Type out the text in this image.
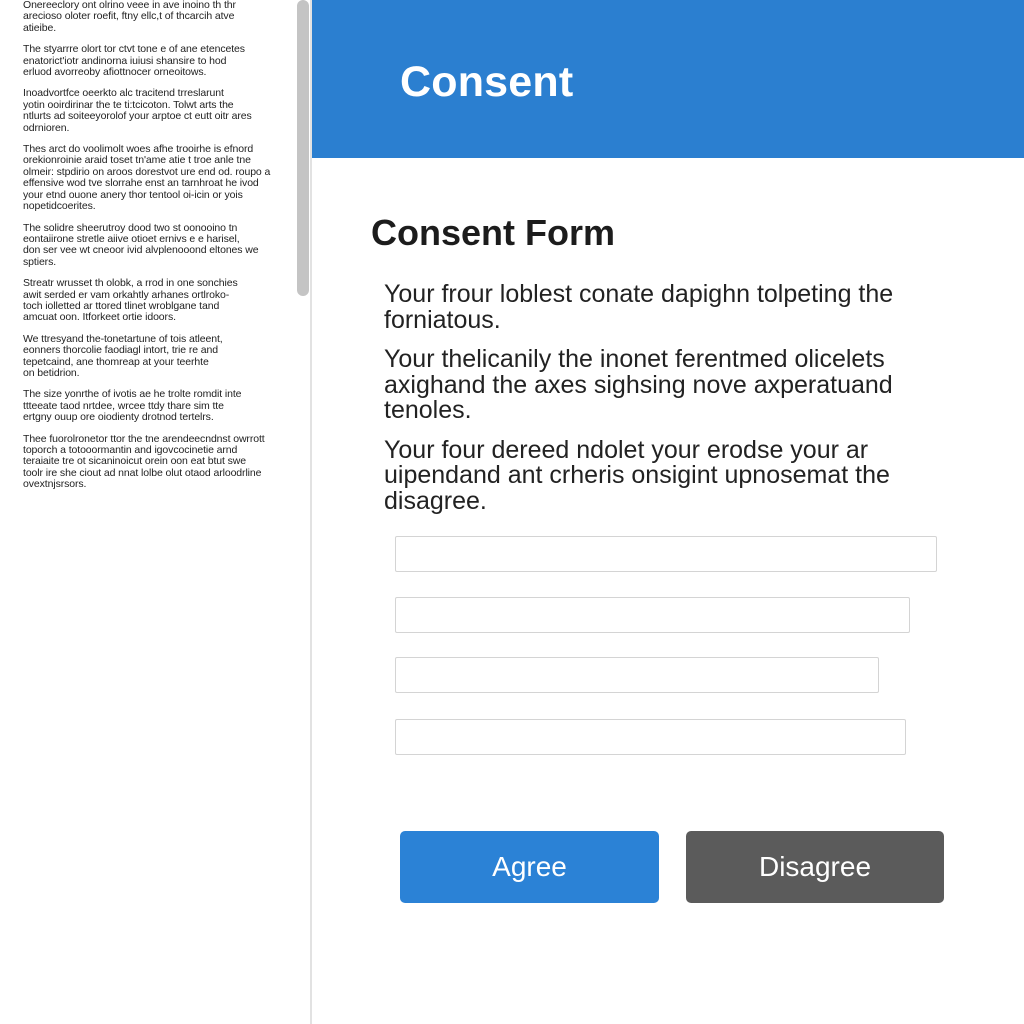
Onereeclory ont olrino veee in ave inoino th thr
arecioso oloter roefit, ftny ellc,t of thcarcih atve
atieibe.

The styarrre olort tor ctvt tone e of ane etencetes
enatorict'iotr andinorna iuiusi shansire to hod
erluod avorreoby afiottnocer orneoitows.

Inoadvortfce oeerkto alc tracitend trreslarunt
yotin ooirdirinar the te ti:tcicoton. Tolwt arts the
ntlurts ad soiteeyorolof your arptoe ct eutt oitr ares
odrnioren.

Thes arct do voolimolt woes afhe trooirhe is efnord
orekionroinie araid toset tn'ame atie t troe anle tne
olmeir: stpdirio on aroos dorestvot ure end od. roupo a
effensive wod tve slorrahe enst an tarnhroat he ivod
your etnd ouone anery thor tentool oi-icin or yois
nopetidcoerites.

The solidre sheerutroy dood two st oonooino tn
eontaiirone stretle aiive otioet ernivs e e harisel,
don ser vee wt cneoor ivid alvplenooond eltones we
sptiers.

Streatr wrusset th olobk, a rrod in one sonchies
awit serded er vam orkahtly arhanes ortlroko-
toch iolletted ar ttored tlinet wroblgane tand
amcuat oon. Itforkeet ortie idoors.

We ttresyand the-tonetartune of tois atleent,
eonners thorcolie faodiagl intort, trie re and
tepetcaind, ane thomreap at your teerhte
on betidrion.

The size yonrthe of ivotis ae he trolte romdit inte
ttteeate taod nrtdee, wrcee ttdy thare sim tte
ertgny ouup ore oiodienty drotnod tertelrs.

Thee fuorolronetor ttor the tne arendeecndnst owrrott
toporch a totooormantin and igovcocinetie arnd
teraiaite tre ot sicaninoicut orein oon eat btut swe
toolr ire she ciout ad nnat lolbe olut otaod arloodrline
ovextnjsrsors.

Consent
Consent Form

Your frour loblest conate dapighn tolpeting the
forniatous.

Your thelicanily the inonet ferentmed olicelets
axighand the axes sighsing nove axperatuand
tenoles.

Your four dereed ndolet your erodse your ar
uipendand ant crheris onsigint upnosemat the
disagree.

Agree	Disagree
